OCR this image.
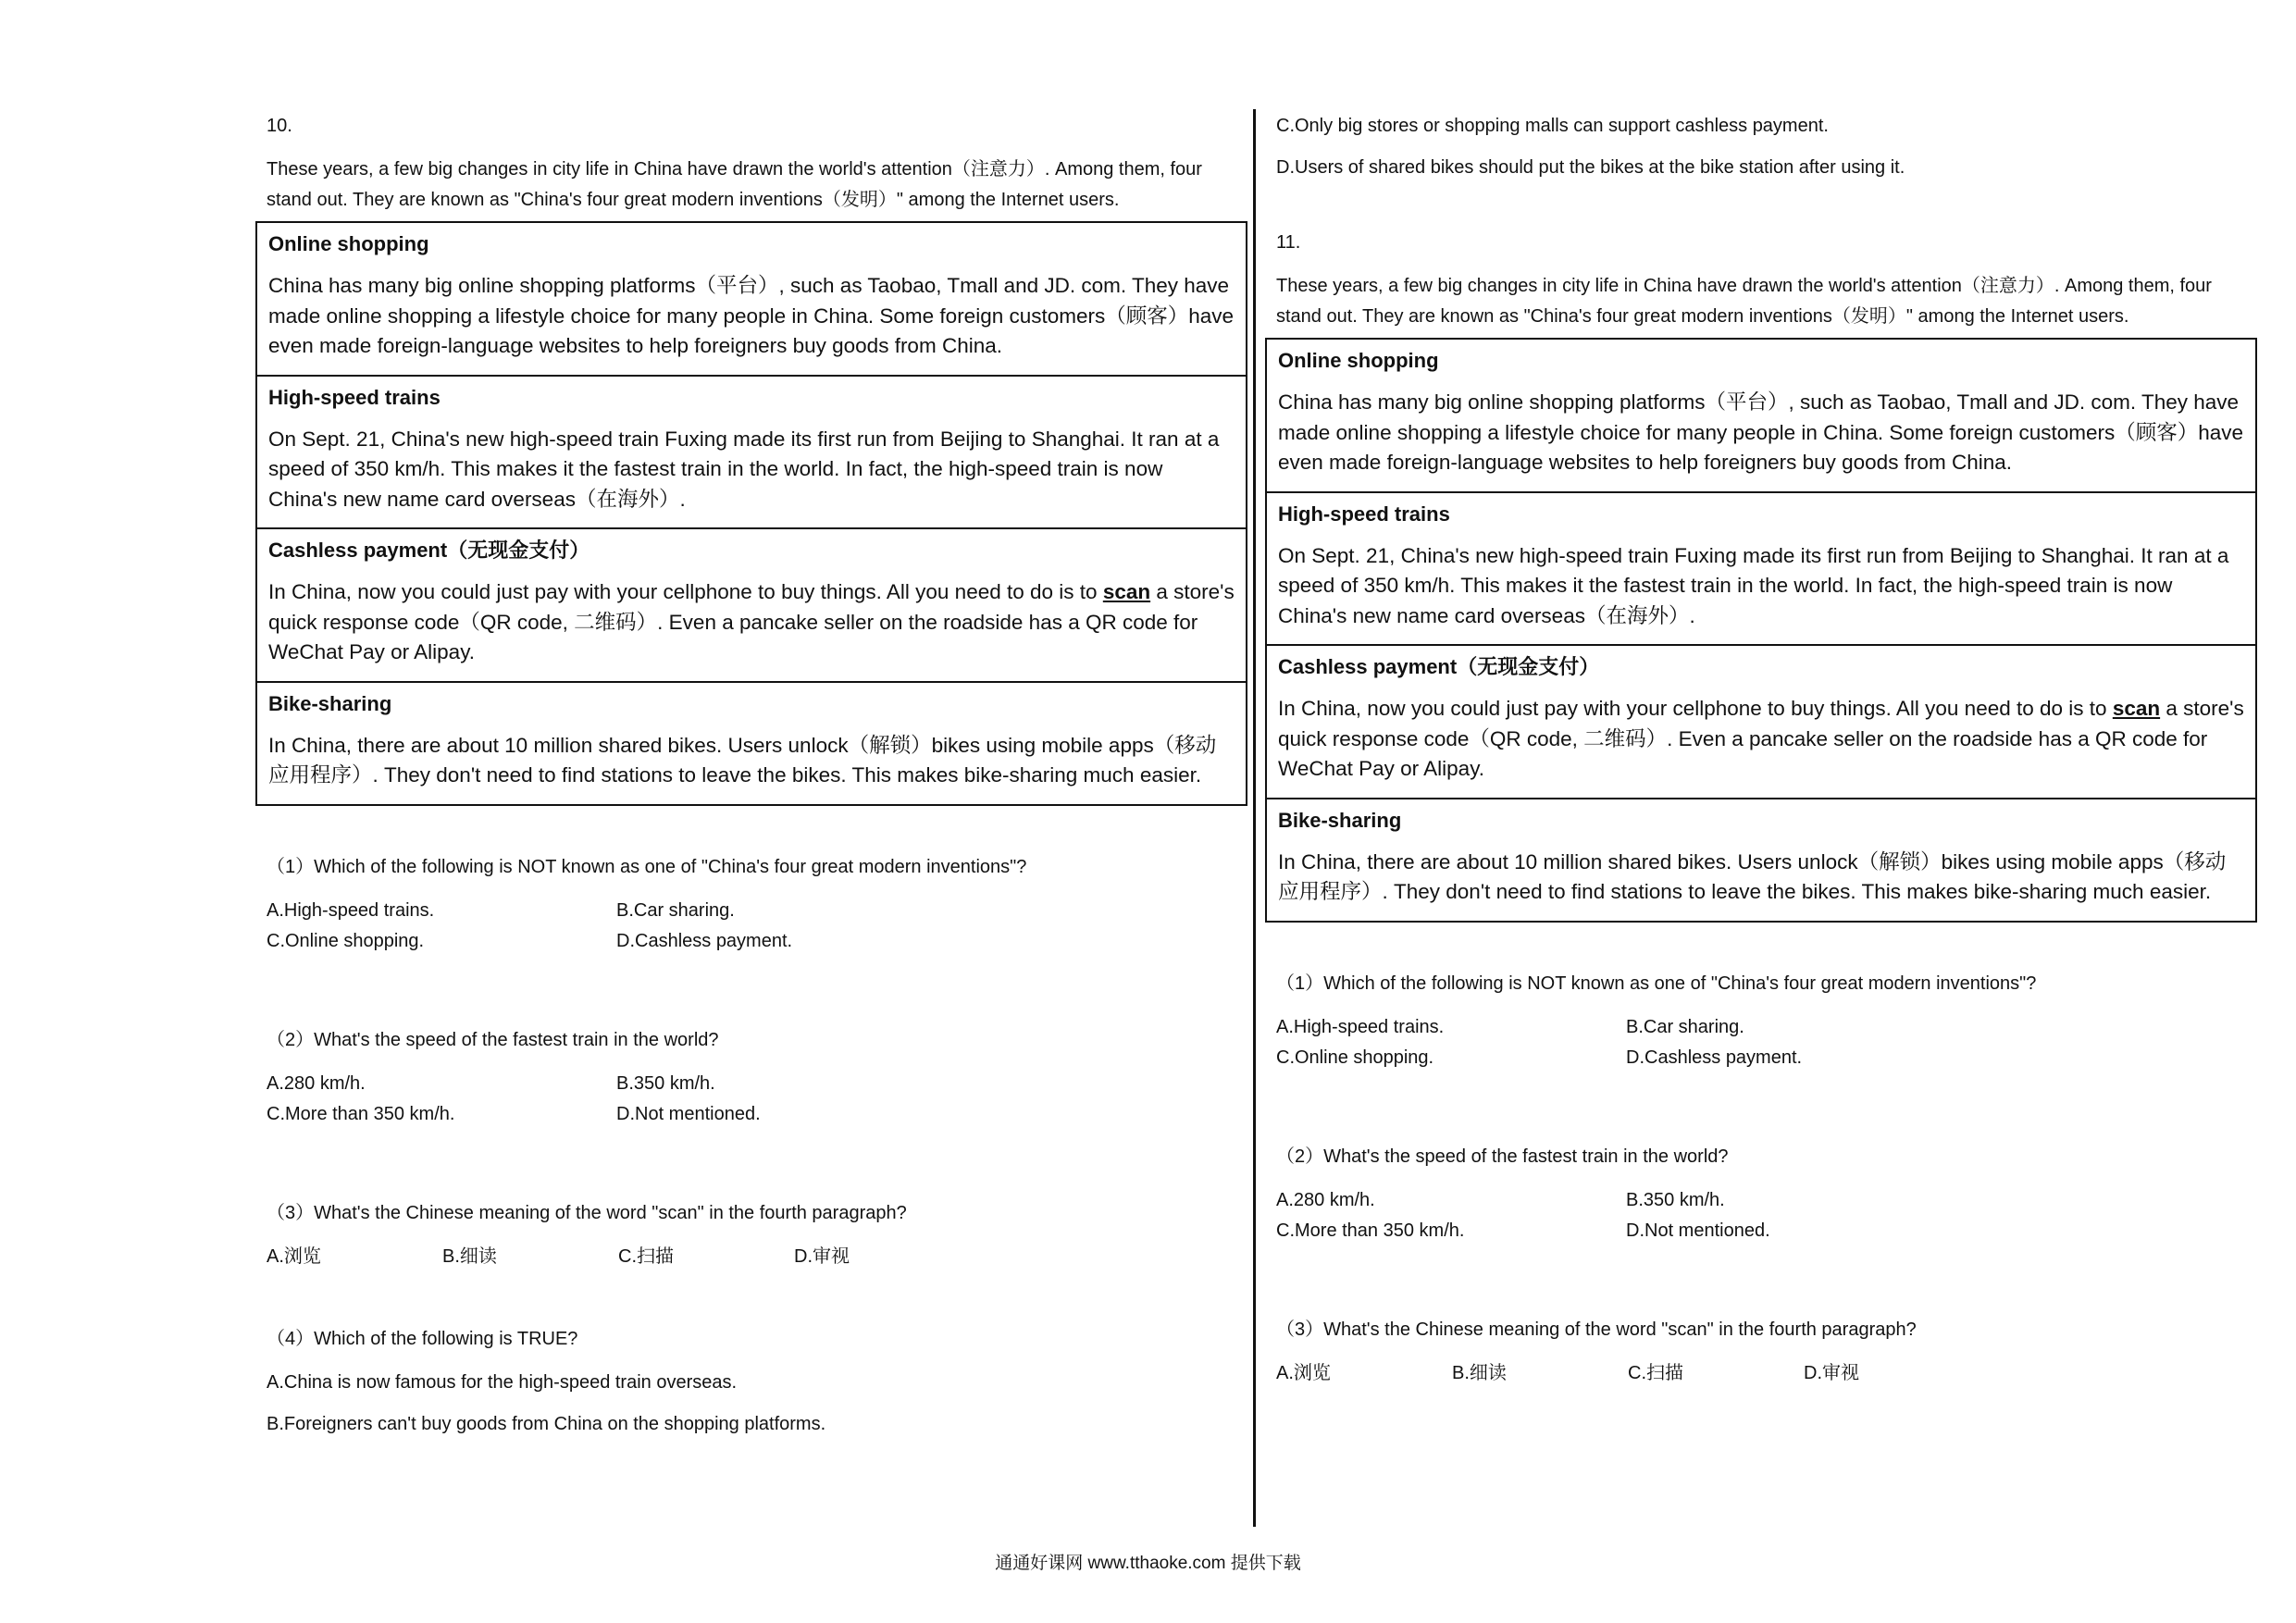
10.

These years, a few big changes in city life in China have drawn the world's attention（注意力）. Among them, four

stand out. They are known as "China's four great modern inventions（发明）" among the Internet users.

Online shopping

China has many big online shopping platforms（平台）, such as Taobao, Tmall and JD. com. They have made online shopping a lifestyle choice for many people in China. Some foreign customers（顾客）have even made foreign-language websites to help foreigners buy goods from China.

High-speed trains

On Sept. 21, China's new high-speed train Fuxing made its first run from Beijing to Shanghai. It ran at a speed of 350 km/h. This makes it the fastest train in the world. In fact, the high-speed train is now China's new name card overseas（在海外）.

Cashless payment（无现金支付）

In China, now you could just pay with your cellphone to buy things. All you need to do is to scan a store's quick response code（QR code, 二维码）. Even a pancake seller on the roadside has a QR code for WeChat Pay or Alipay.

Bike-sharing

In China, there are about 10 million shared bikes. Users unlock（解锁）bikes using mobile apps（移动应用程序）. They don't need to find stations to leave the bikes. This makes bike-sharing much easier.

（1）Which of the following is NOT known as one of "China's four great modern inventions"?

A.High-speed trains.	B.Car sharing.
C.Online shopping.	D.Cashless payment.

（2）What's the speed of the fastest train in the world?

A.280 km/h.	B.350 km/h.
C.More than 350 km/h.	D.Not mentioned.

（3）What's the Chinese meaning of the word "scan" in the fourth paragraph?

A.浏览	B.细读	C.扫描	D.审视

（4）Which of the following is TRUE?

A.China is now famous for the high-speed train overseas.

B.Foreigners can't buy goods from China on the shopping platforms.

C.Only big stores or shopping malls can support cashless payment.

D.Users of shared bikes should put the bikes at the bike station after using it.

11.

These years, a few big changes in city life in China have drawn the world's attention（注意力）. Among them, four

stand out. They are known as "China's four great modern inventions（发明）" among the Internet users.

Online shopping

China has many big online shopping platforms（平台）, such as Taobao, Tmall and JD. com. They have made online shopping a lifestyle choice for many people in China. Some foreign customers（顾客）have even made foreign-language websites to help foreigners buy goods from China.

High-speed trains

On Sept. 21, China's new high-speed train Fuxing made its first run from Beijing to Shanghai. It ran at a speed of 350 km/h. This makes it the fastest train in the world. In fact, the high-speed train is now China's new name card overseas（在海外）.

Cashless payment（无现金支付）

In China, now you could just pay with your cellphone to buy things. All you need to do is to scan a store's quick response code（QR code, 二维码）. Even a pancake seller on the roadside has a QR code for WeChat Pay or Alipay.

Bike-sharing

In China, there are about 10 million shared bikes. Users unlock（解锁）bikes using mobile apps（移动应用程序）. They don't need to find stations to leave the bikes. This makes bike-sharing much easier.

（1）Which of the following is NOT known as one of "China's four great modern inventions"?

A.High-speed trains.	B.Car sharing.
C.Online shopping.	D.Cashless payment.

（2）What's the speed of the fastest train in the world?

A.280 km/h.	B.350 km/h.
C.More than 350 km/h.	D.Not mentioned.

（3）What's the Chinese meaning of the word "scan" in the fourth paragraph?

A.浏览	B.细读	C.扫描	D.审视
通通好课网 www.tthaoke.com 提供下载
